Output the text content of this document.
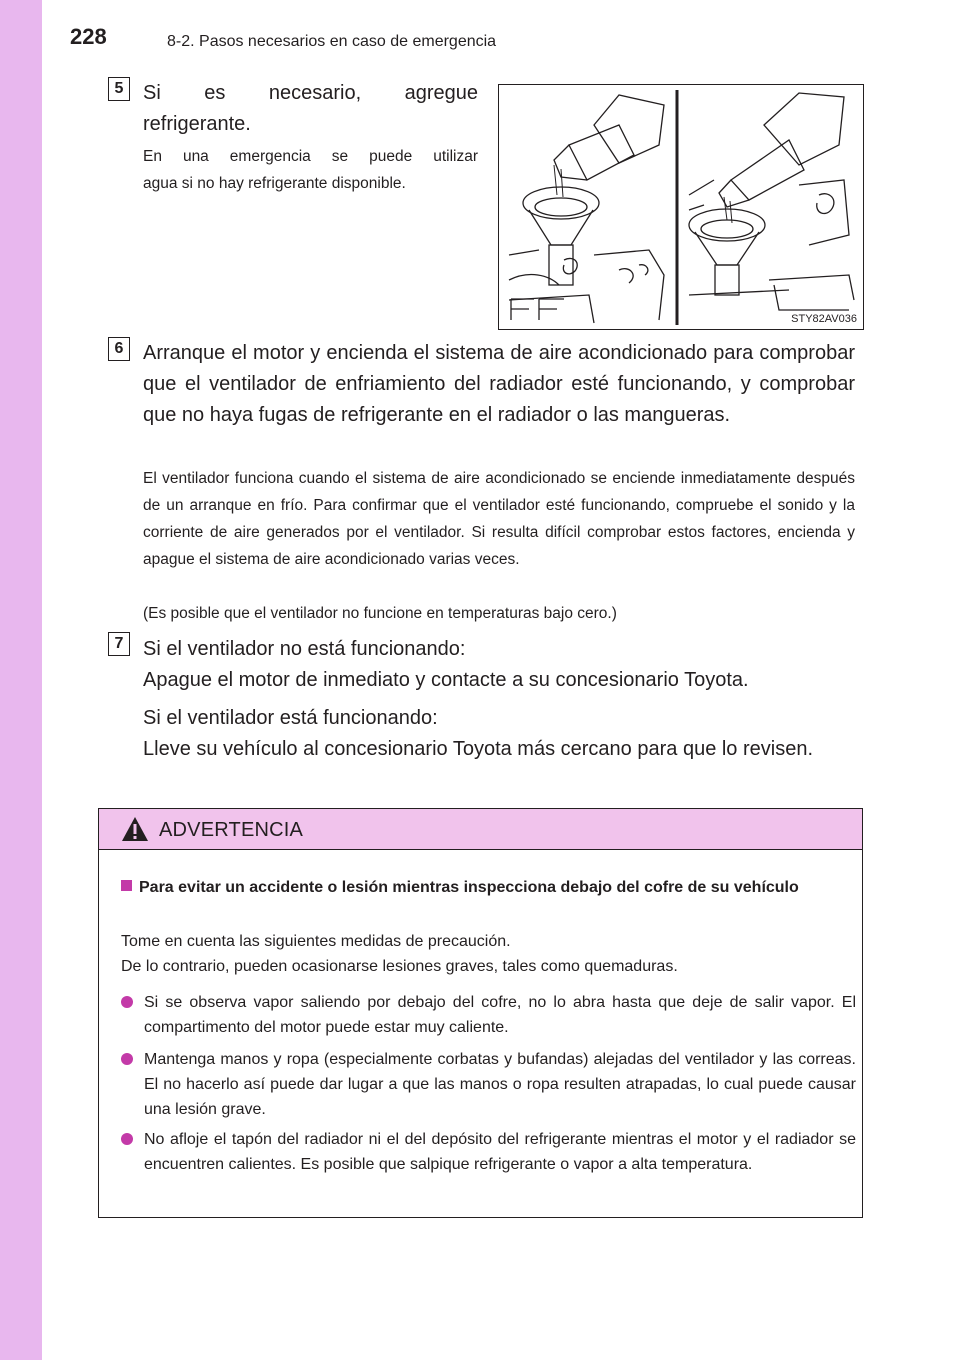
228	8-2. Pasos necesarios en caso de emergencia
5 Si es necesario, agregue
refrigerante.
En una emergencia se puede utilizar
agua si no hay refrigerante disponible.
STY82AV036
6 Arranque el motor y encienda el sistema de aire acondicionado para comprobar que el ventilador de enfriamiento del radiador esté funcionando, y comprobar que no haya fugas de refrigerante en el radiador o las mangueras.
El ventilador funciona cuando el sistema de aire acondicionado se enciende inmediatamente después de un arranque en frío. Para confirmar que el ventilador esté funcionando, compruebe el sonido y la corriente de aire generados por el ventilador. Si resulta difícil comprobar estos factores, encienda y apague el sistema de aire acondicionado varias veces.
(Es posible que el ventilador no funcione en temperaturas bajo cero.)
7 Si el ventilador no está funcionando:
Apague el motor de inmediato y contacte a su concesionario Toyota.
Si el ventilador está funcionando:
Lleve su vehículo al concesionario Toyota más cercano para que lo revisen.
ADVERTENCIA
Para evitar un accidente o lesión mientras inspecciona debajo del cofre de su vehículo
Tome en cuenta las siguientes medidas de precaución.
De lo contrario, pueden ocasionarse lesiones graves, tales como quemaduras.
Si se observa vapor saliendo por debajo del cofre, no lo abra hasta que deje de salir vapor. El compartimento del motor puede estar muy caliente.
Mantenga manos y ropa (especialmente corbatas y bufandas) alejadas del ventilador y las correas. El no hacerlo así puede dar lugar a que las manos o ropa resulten atrapadas, lo cual puede causar una lesión grave.
No afloje el tapón del radiador ni el del depósito del refrigerante mientras el motor y el radiador se encuentren calientes. Es posible que salpique refrigerante o vapor a alta temperatura.
